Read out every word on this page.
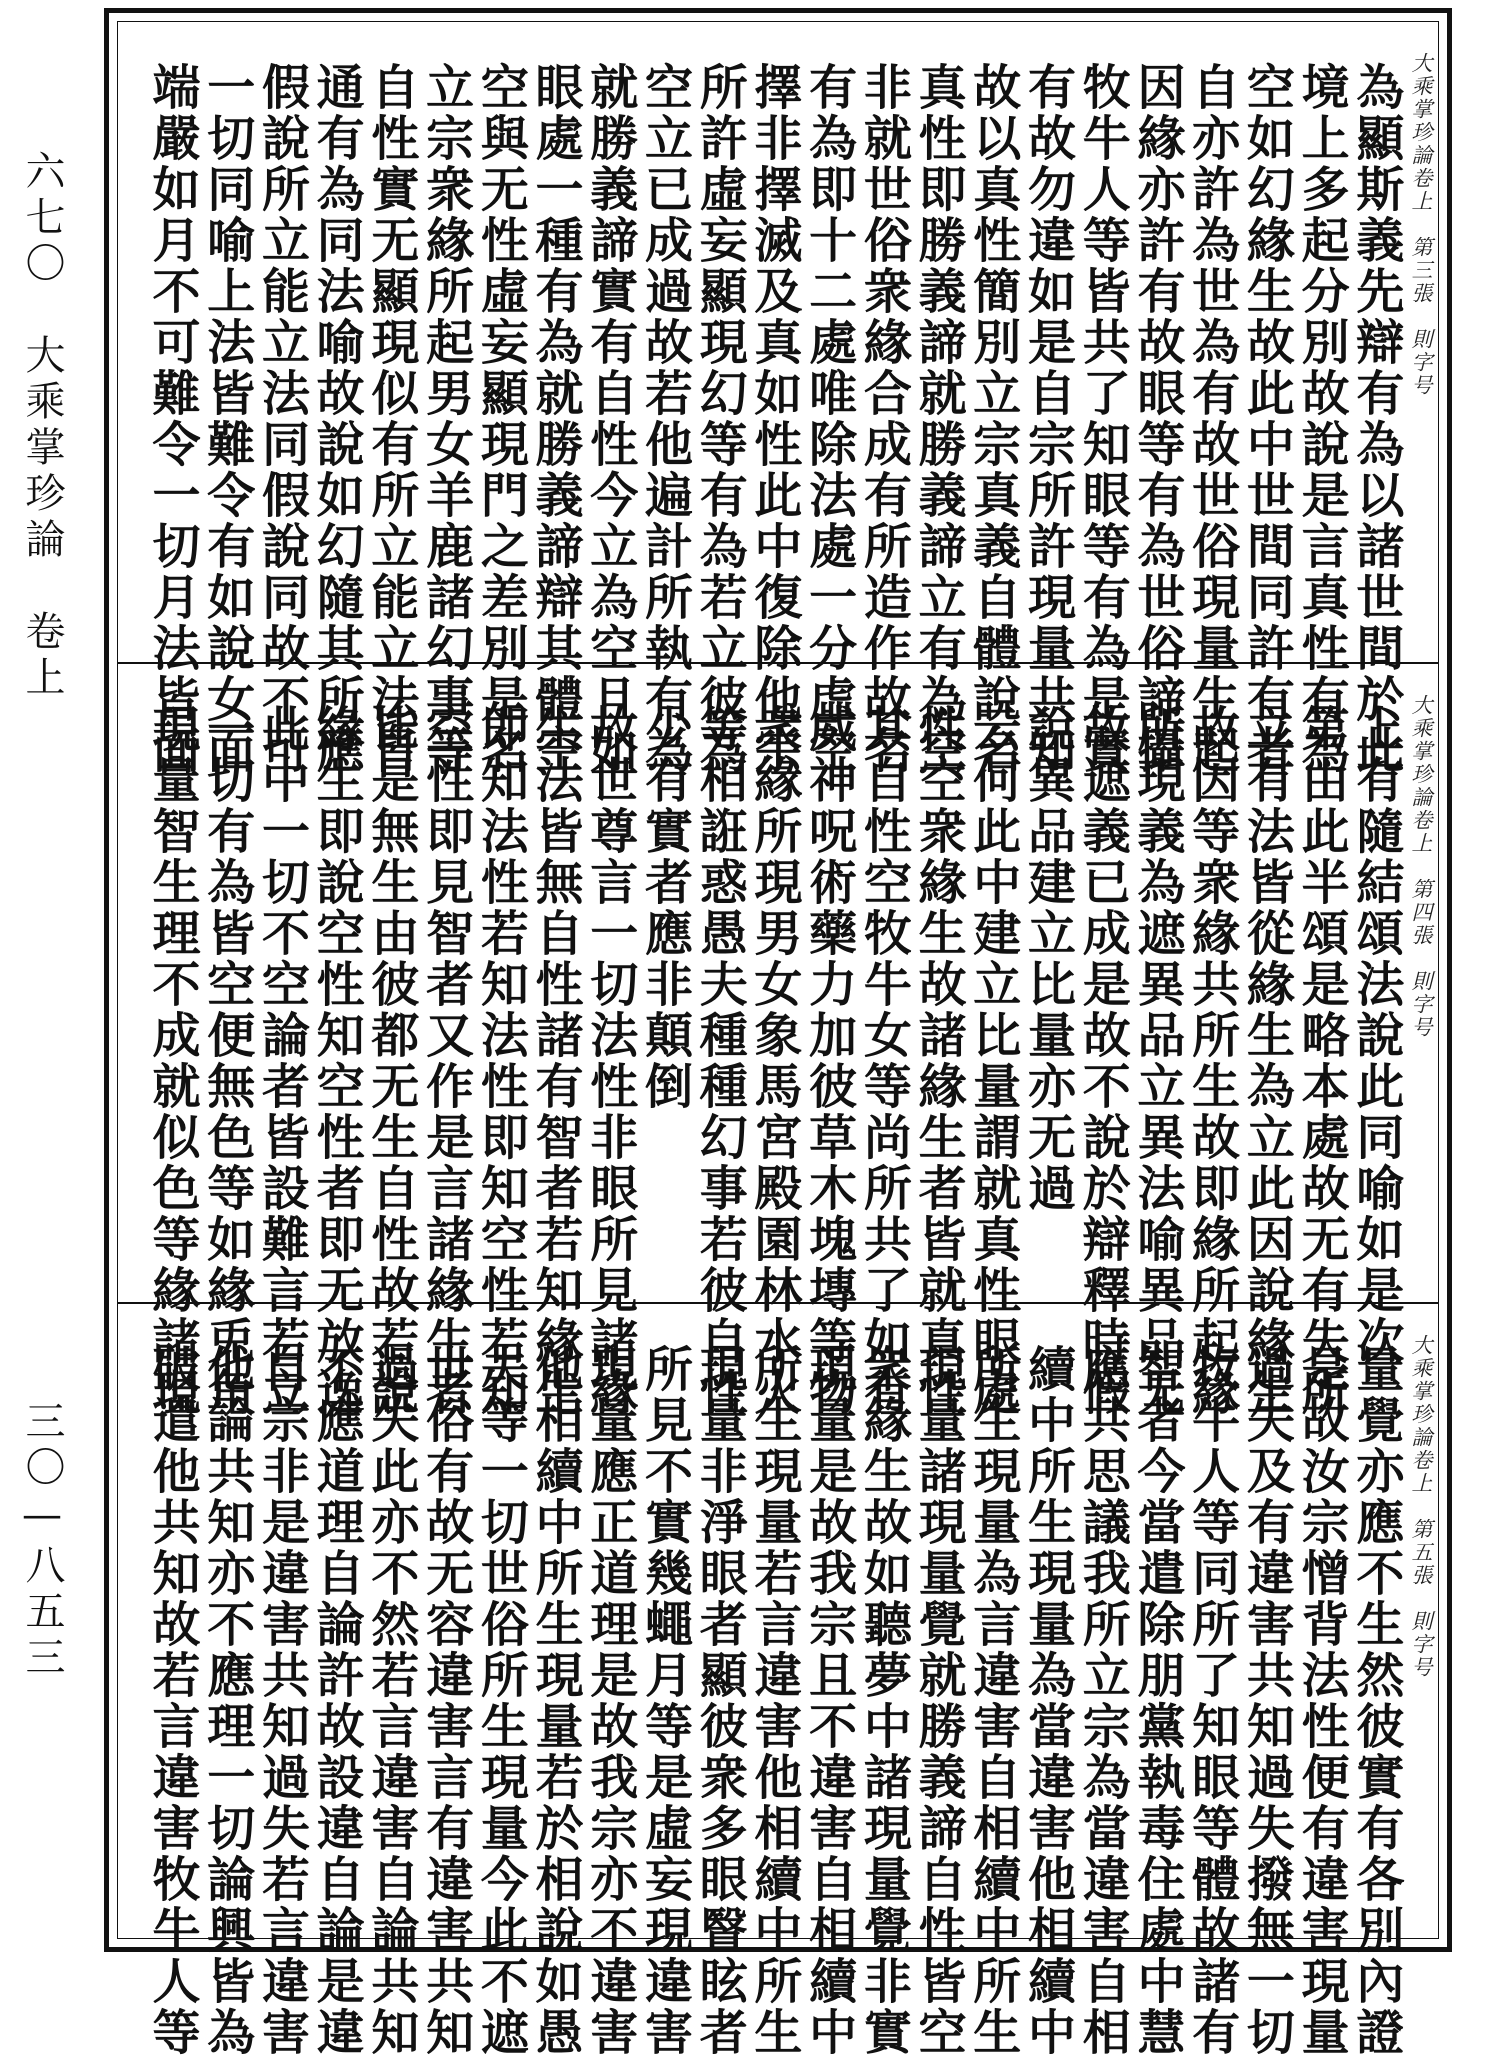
六七〇　大乘掌珍論　卷上
三〇—八五三
大乘掌珍論卷上　第三張　則字号
為顯斯義先辯有為以諸世間於此
境上多起分別故說是言真性有為
空如幻緣生故此中世間同許有者
自亦許為世為有故世俗現量生起
因緣亦許有故眼等有為世俗諦攝
牧牛人等皆共了知眼等有為是實
有故勿違如是自宗所許現量共知
故以真性簡別立宗真義自體說名
真性即勝義諦就勝義諦立有為空
非就世俗衆緣合成有所造作故名
有為即十二處唯除法處一分虛空
擇非擇滅及真如性此中復除他宗
所許虛妄顯現幻等有為若立彼為
空立已成過故若他遍計所執有為
就勝義諦實有自性今立為空且如
眼處一種有為就勝義諦辯其體空
空與无性虛妄顯現門之差別是名
立宗衆緣所起男女羊鹿諸幻事等
自性實无顯現似有所立能立法皆
通有為同法喻故說如幻隨其所應
假說所立能立法同假說同故不可
一切同喻上法皆難令有如說女面
端嚴如月不可難令一切月法皆面
大乘掌珍論卷上　第四張　則字号
上有隨結頌法說此同喻如是次
第由此半頌是略本處故无有失所
立有法皆從緣生為立此因說緣生
故因等衆緣共所生故即緣所起緣
所現義為遮異品立異法喻異品无
故遮義已成是故不說於辯釋時假
說異品建立比量亦无過
云何此中建立比量謂就真性眼處
性空衆緣生故諸緣生者皆就真性
其自性空牧牛女等尚所共了如有
威神呪術藥力加彼草木塊塼等物
衆緣所現男女象馬宮殿園林水火
等相誑惑愚夫種種幻事若彼自性
少有實者應非顛倒
故世尊言一切法性非眼所見諸緣
生法皆無自性諸有智者若知緣生
即知法性若知法性即知空性若知
空性即見智者又作是言諸緣生者
皆是無生由彼都无生自性故若說
緣生即說空性知空性者即无放逸
此中一切不空論者皆設難言若立
一切有為皆空便無色等如緣兎角
現量智生理不成就似色等緣諸現
大乘掌珍論卷上　第五張　則字号
量覺亦應不生然彼實有各別內證
是故汝宗憎背法性便有違害現量
過失及有違害共知過失撥無一切
牧牛人等同所了知眼等體故諸有
智者今當遣除朋黨執毒住處中慧
應共思議我所立宗為當違害自相
續中所生現量為當違害他相續中
所生現量為言違害自相續中所生
現量諸現量覺就勝義諦自性皆空
衆緣生故如聽夢中諸現量覺非實
現量是故我宗且不違害自相續中
所生現量若言違害他相續中所生
現量非淨眼者顯彼衆多眼瞖眩者
所見不實幾蠅月等是虛妄現違害
現量應正道理是故我宗亦不違害
他相續中所生現量若於相說如愚
夫等一切世俗所生現量今此不遮
世俗有故无容違害言有違害共知
過失此亦不然若言違害自論共知
不應道理自論許故設違自論是違
自宗非是違害共知過失若言違害
他論共知亦不應理一切論興皆為
破遣他共知故若言違害牧牛人等
